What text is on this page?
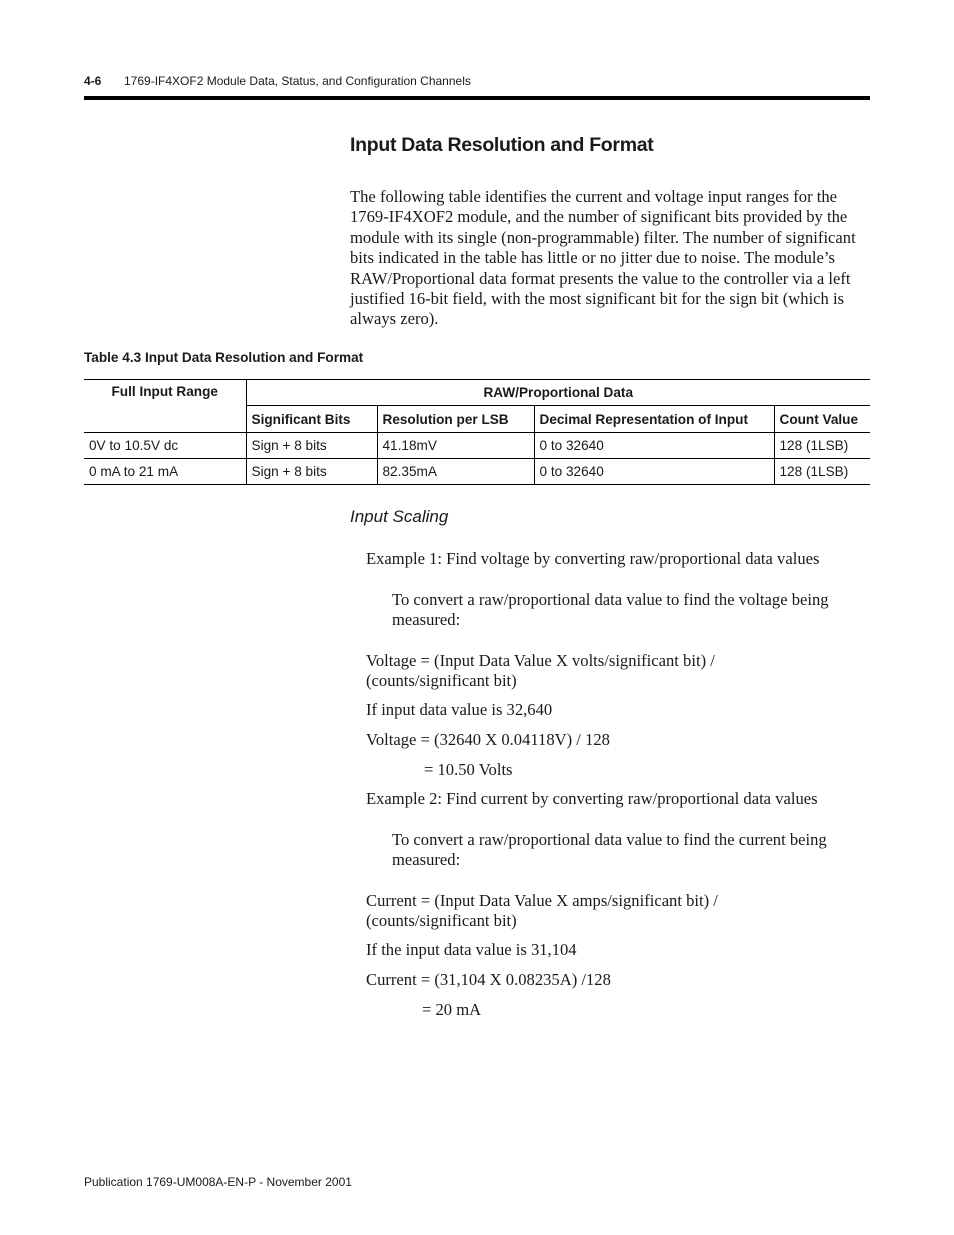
4-6 1769-IF4XOF2 Module Data, Status, and Configuration Channels
Input Data Resolution and Format
The following table identifies the current and voltage input ranges for the 1769-IF4XOF2 module, and the number of significant bits provided by the module with its single (non-programmable) filter. The number of significant bits indicated in the table has little or no jitter due to noise. The module’s RAW/Proportional data format presents the value to the controller via a left justified 16-bit field, with the most significant bit for the sign bit (which is always zero).
Table 4.3 Input Data Resolution and Format
Full Input Range	RAW/Proportional Data			
	Significant Bits	Resolution per LSB	Decimal Representation of Input	Count Value
0V to 10.5V dc	Sign + 8 bits	41.18mV	0 to 32640	128 (1LSB)
0 mA to 21 mA	Sign + 8 bits	82.35mA	0 to 32640	128 (1LSB)
Input Scaling
Example 1: Find voltage by converting raw/proportional data values
To convert a raw/proportional data value to find the voltage being measured:
Voltage = (Input Data Value X volts/significant bit) / (counts/significant bit)
If input data value is 32,640
Voltage = (32640 X 0.04118V) / 128
= 10.50 Volts
Example 2: Find current by converting raw/proportional data values
To convert a raw/proportional data value to find the current being measured:
Current = (Input Data Value X amps/significant bit) / (counts/significant bit)
If the input data value is 31,104
Current = (31,104 X 0.08235A) /128
= 20 mA
Publication 1769-UM008A-EN-P - November 2001
